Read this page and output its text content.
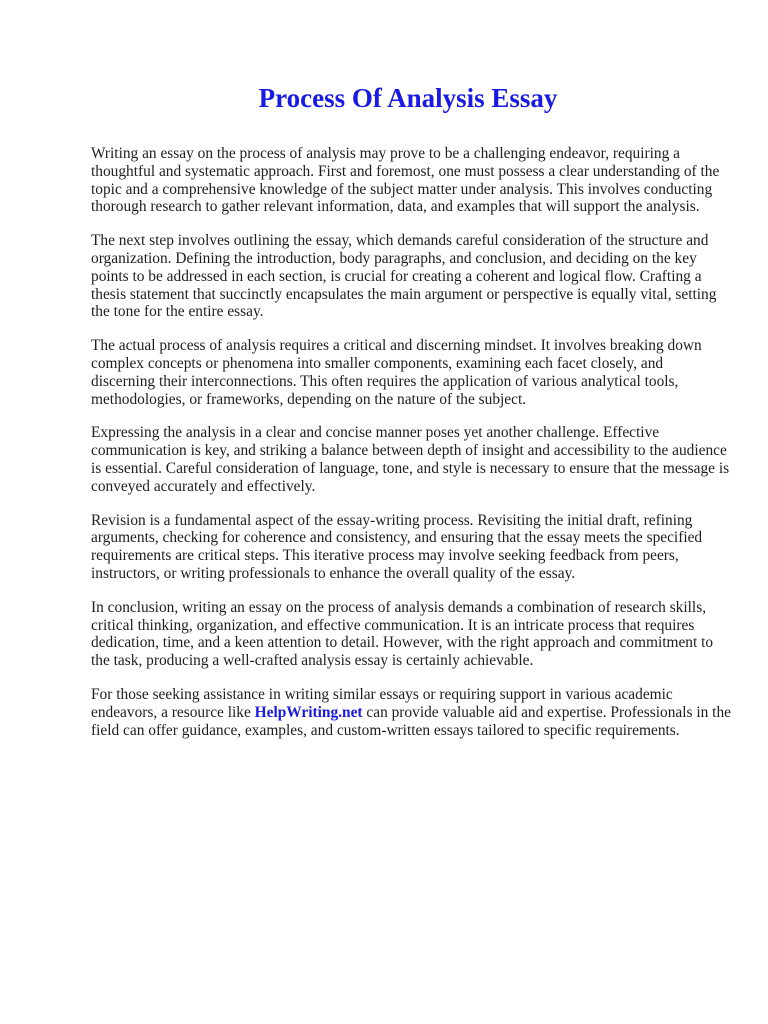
Process Of Analysis Essay

Writing an essay on the process of analysis may prove to be a challenging endeavor, requiring a thoughtful and systematic approach. First and foremost, one must possess a clear understanding of the topic and a comprehensive knowledge of the subject matter under analysis. This involves conducting thorough research to gather relevant information, data, and examples that will support the analysis.

The next step involves outlining the essay, which demands careful consideration of the structure and organization. Defining the introduction, body paragraphs, and conclusion, and deciding on the key points to be addressed in each section, is crucial for creating a coherent and logical flow. Crafting a thesis statement that succinctly encapsulates the main argument or perspective is equally vital, setting the tone for the entire essay.

The actual process of analysis requires a critical and discerning mindset. It involves breaking down complex concepts or phenomena into smaller components, examining each facet closely, and discerning their interconnections. This often requires the application of various analytical tools, methodologies, or frameworks, depending on the nature of the subject.

Expressing the analysis in a clear and concise manner poses yet another challenge. Effective communication is key, and striking a balance between depth of insight and accessibility to the audience is essential. Careful consideration of language, tone, and style is necessary to ensure that the message is conveyed accurately and effectively.

Revision is a fundamental aspect of the essay-writing process. Revisiting the initial draft, refining arguments, checking for coherence and consistency, and ensuring that the essay meets the specified requirements are critical steps. This iterative process may involve seeking feedback from peers, instructors, or writing professionals to enhance the overall quality of the essay.

In conclusion, writing an essay on the process of analysis demands a combination of research skills, critical thinking, organization, and effective communication. It is an intricate process that requires dedication, time, and a keen attention to detail. However, with the right approach and commitment to the task, producing a well-crafted analysis essay is certainly achievable.

For those seeking assistance in writing similar essays or requiring support in various academic endeavors, a resource like HelpWriting.net can provide valuable aid and expertise. Professionals in the field can offer guidance, examples, and custom-written essays tailored to specific requirements.
